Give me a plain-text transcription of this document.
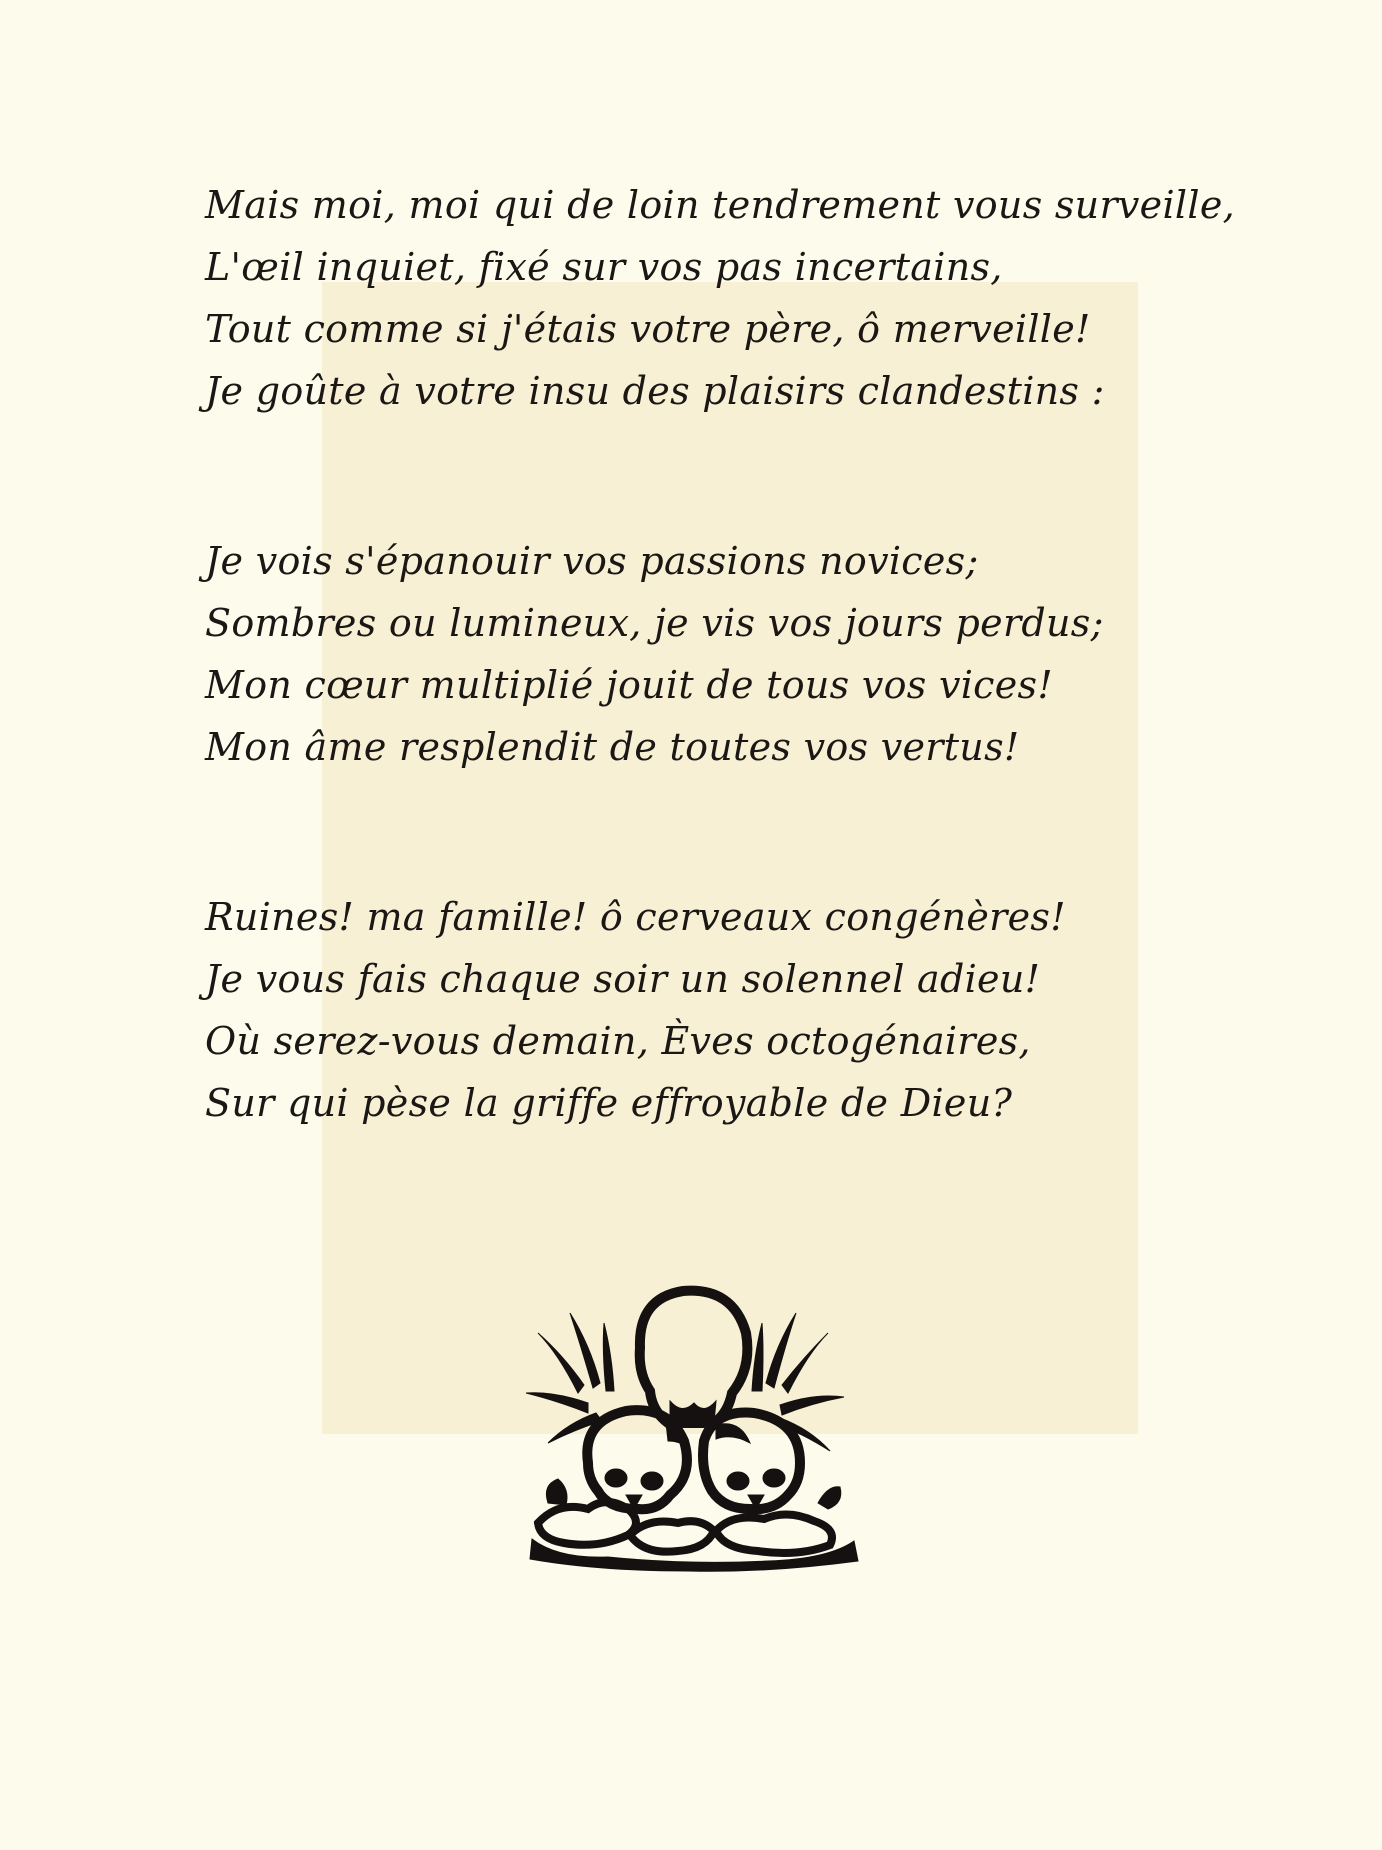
Mais moi, moi qui de loin tendrement vous surveille,
L'œil inquiet, fixé sur vos pas incertains,
Tout comme si j'étais votre père, ô merveille!
Je goûte à votre insu des plaisirs clandestins :
Je vois s'épanouir vos passions novices;
Sombres ou lumineux, je vis vos jours perdus;
Mon cœur multiplié jouit de tous vos vices!
Mon âme resplendit de toutes vos vertus!
Ruines! ma famille! ô cerveaux congénères!
Je vous fais chaque soir un solennel adieu!
Où serez-vous demain, Èves octogénaires,
Sur qui pèse la griffe effroyable de Dieu?
